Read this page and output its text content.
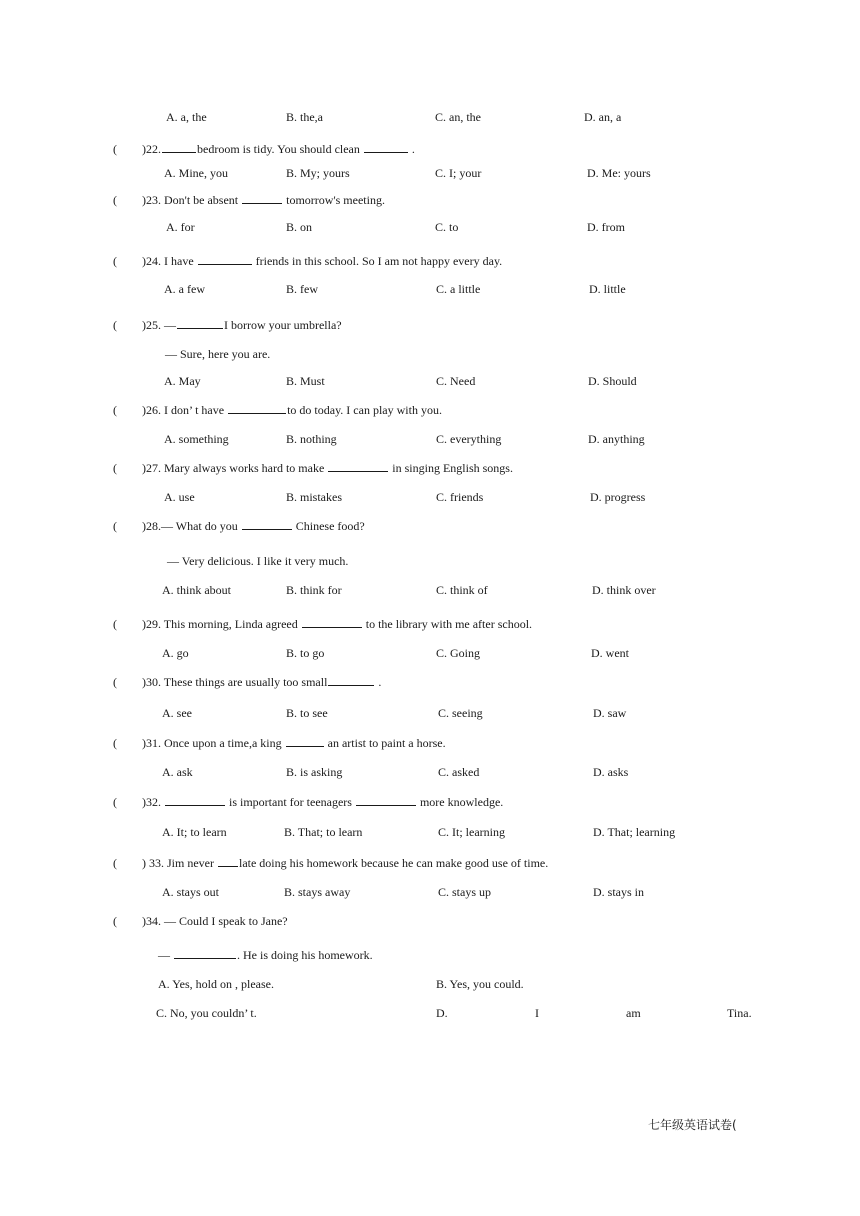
A. a, the	B. the,a	C. an, the	D. an, a
( )22.	bedroom is tidy. You should clean	.
A. Mine, you	B. My; yours	C. I; your	D. Me: yours
( )23. Don't be absent	tomorrow's meeting.
A. for	B. on	C. to	D. from
( )24. I have	friends in this school. So I am not happy every day.
A. a few	B. few	C. a little	D. little
( )25. —	I borrow your umbrella?
— Sure, here you are.
A. May	B. Must	C. Need	D. Should
( )26. I don’ t have	to do today. I can play with you.
A. something	B. nothing	C. everything	D. anything
( )27. Mary always works hard to make	in singing English songs.
A. use	B. mistakes	C. friends	D. progress
( )28.— What do you	Chinese food?
— Very delicious. I like it very much.
A. think about	B. think for	C. think of	D. think over
( )29. This morning, Linda agreed	to the library with me after school.
A. go	B. to go	C. Going	D. went
( )30. These things are usually too small	.
A. see	B. to see	C. seeing	D. saw
( )31. Once upon a time,a king	an artist to paint a horse.
A. ask	B. is asking	C. asked	D. asks
( )32.	is important for teenagers	more knowledge.
A. It; to learn	B. That; to learn	C. It; learning	D. That; learning
( ) 33. Jim never late doing his homework because he can make good use of time.
A. stays out	B. stays away	C. stays up	D. stays in
( )34. — Could I speak to Jane?
—	. He is doing his homework.
A. Yes, hold on , please.	B. Yes, you could.
C. No, you couldn’ t.	D.	I	am	Tina.
七年级英语试卷(
